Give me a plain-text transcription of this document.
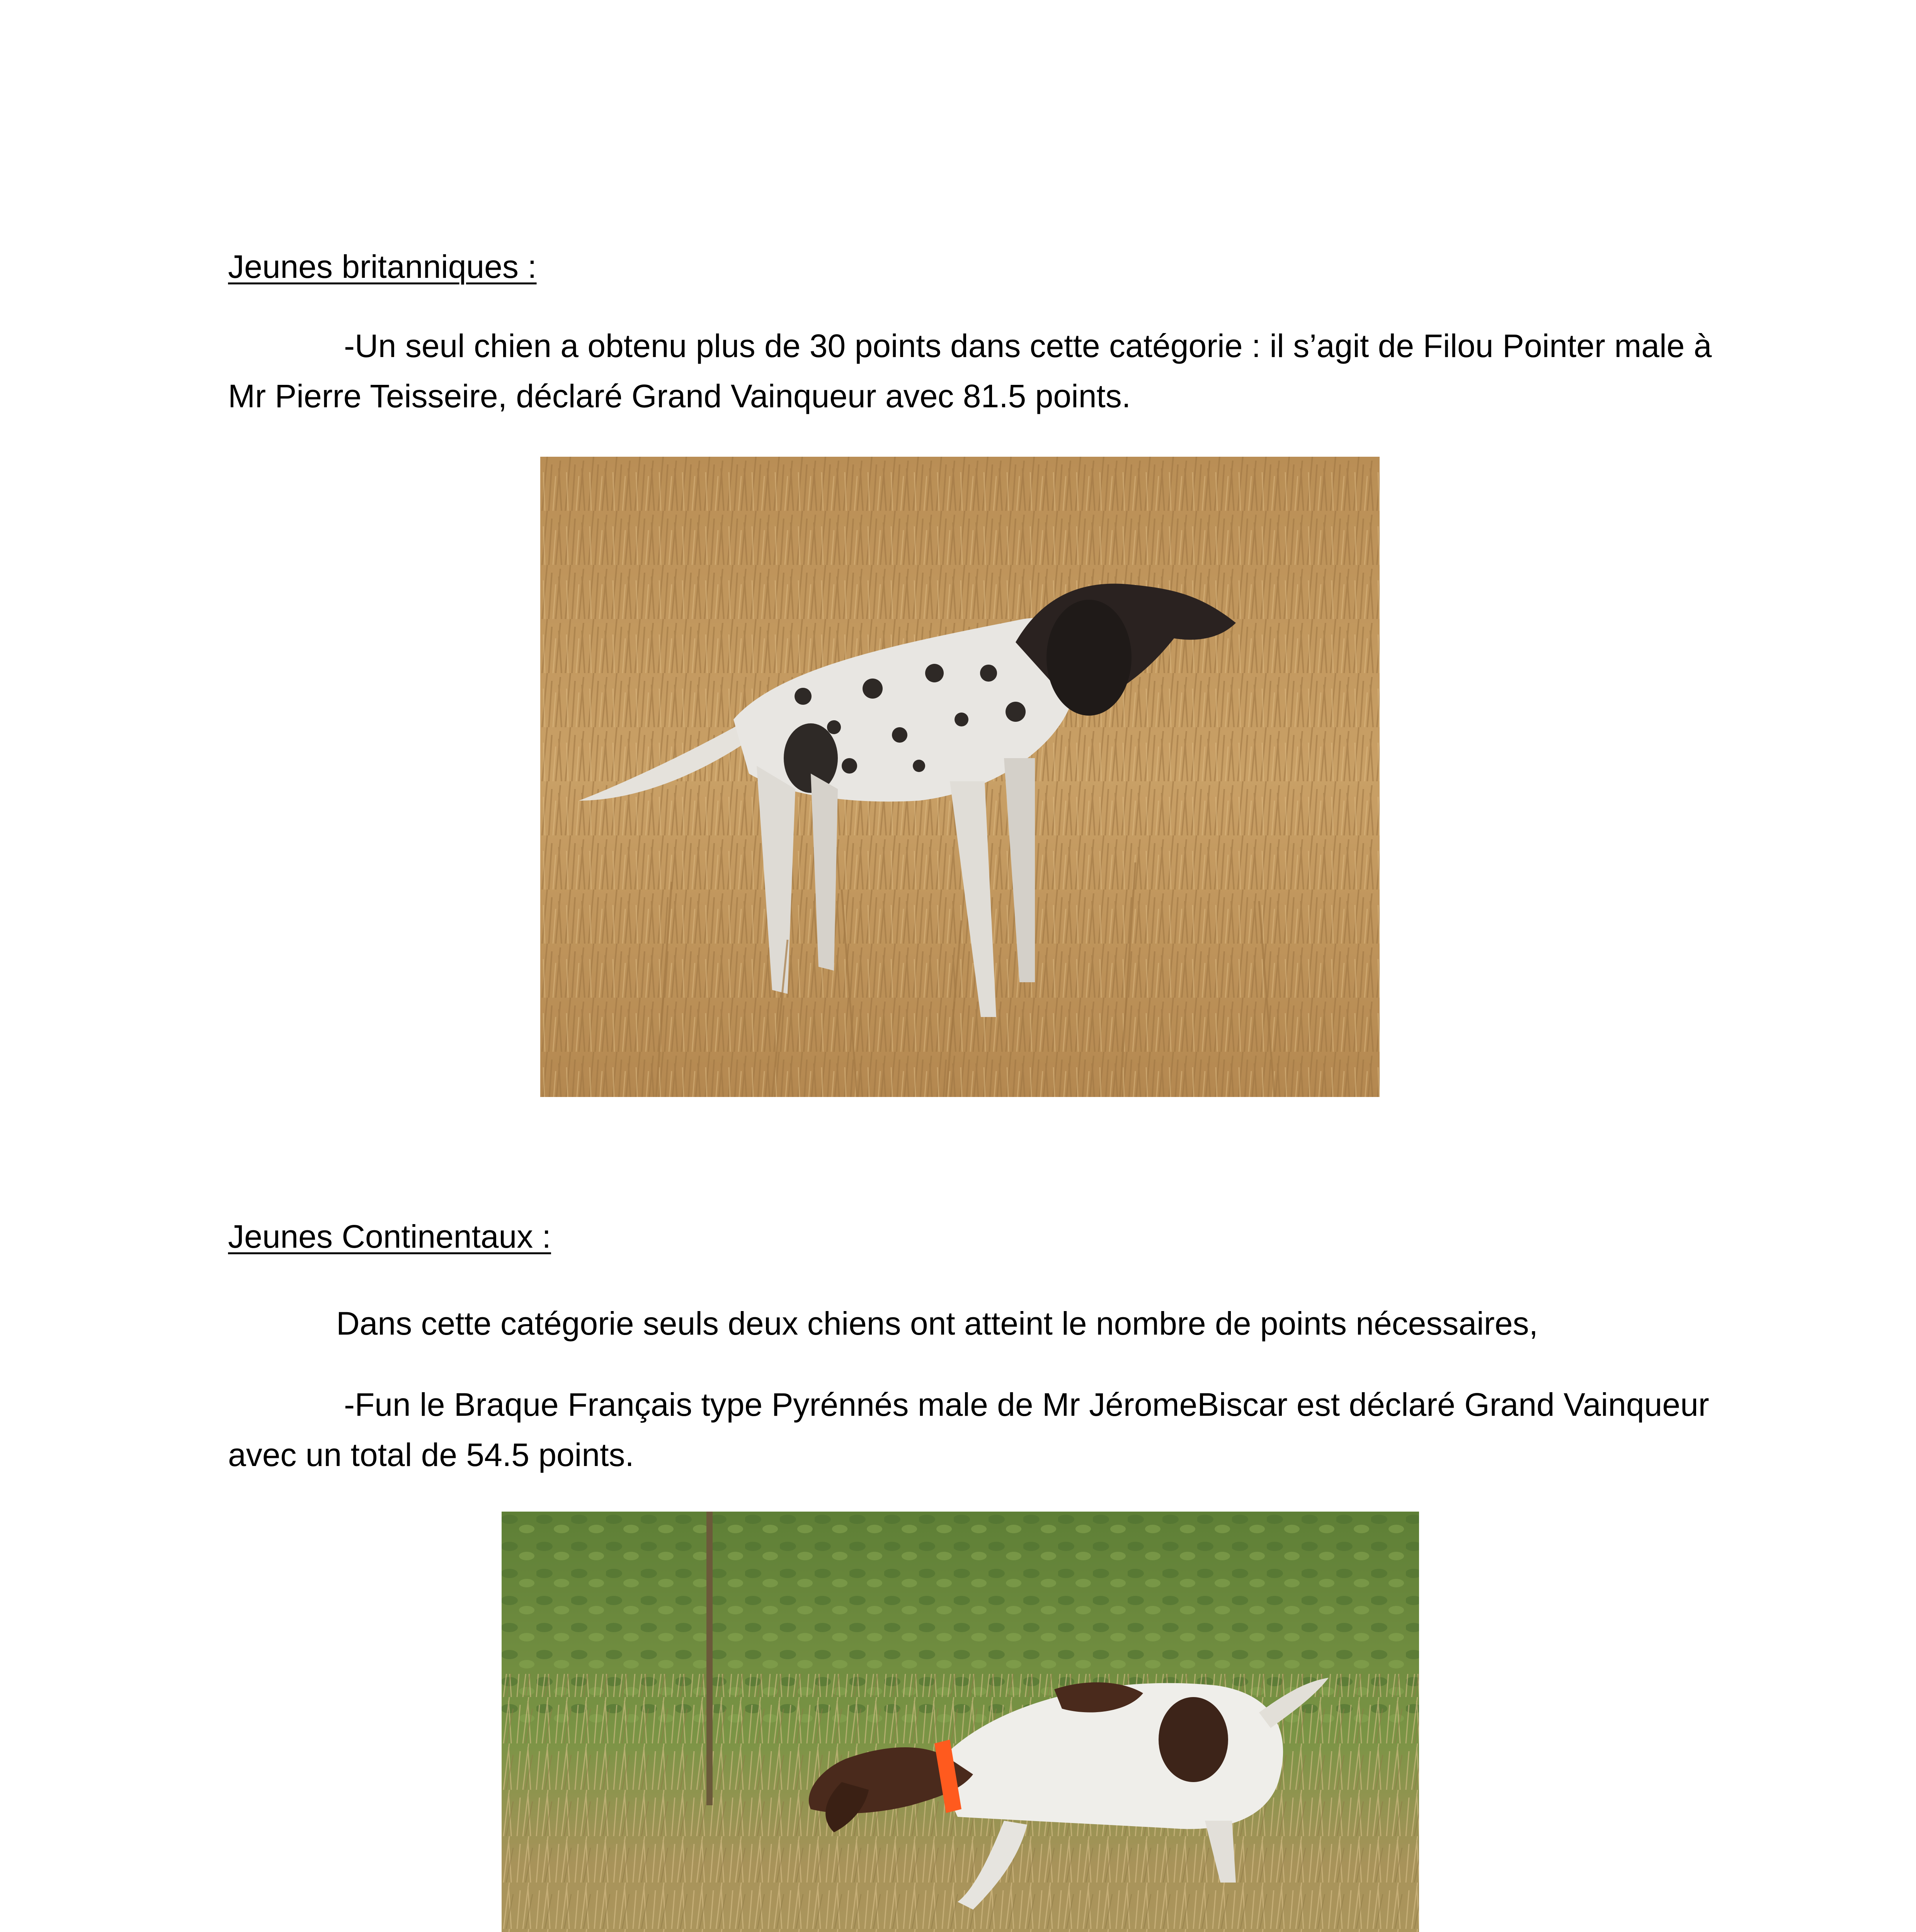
Jeunes britanniques :

-Un seul chien a obtenu plus de 30 points dans cette catégorie : il s’agit de Filou Pointer male à Mr Pierre Teisseire, déclaré Grand Vainqueur avec 81.5 points.

Jeunes Continentaux :

Dans cette catégorie seuls deux chiens ont atteint le nombre de points nécessaires,

-Fun le Braque Français type Pyrénnés male de Mr JéromeBiscar est déclaré Grand Vainqueur avec un total de 54.5 points.
